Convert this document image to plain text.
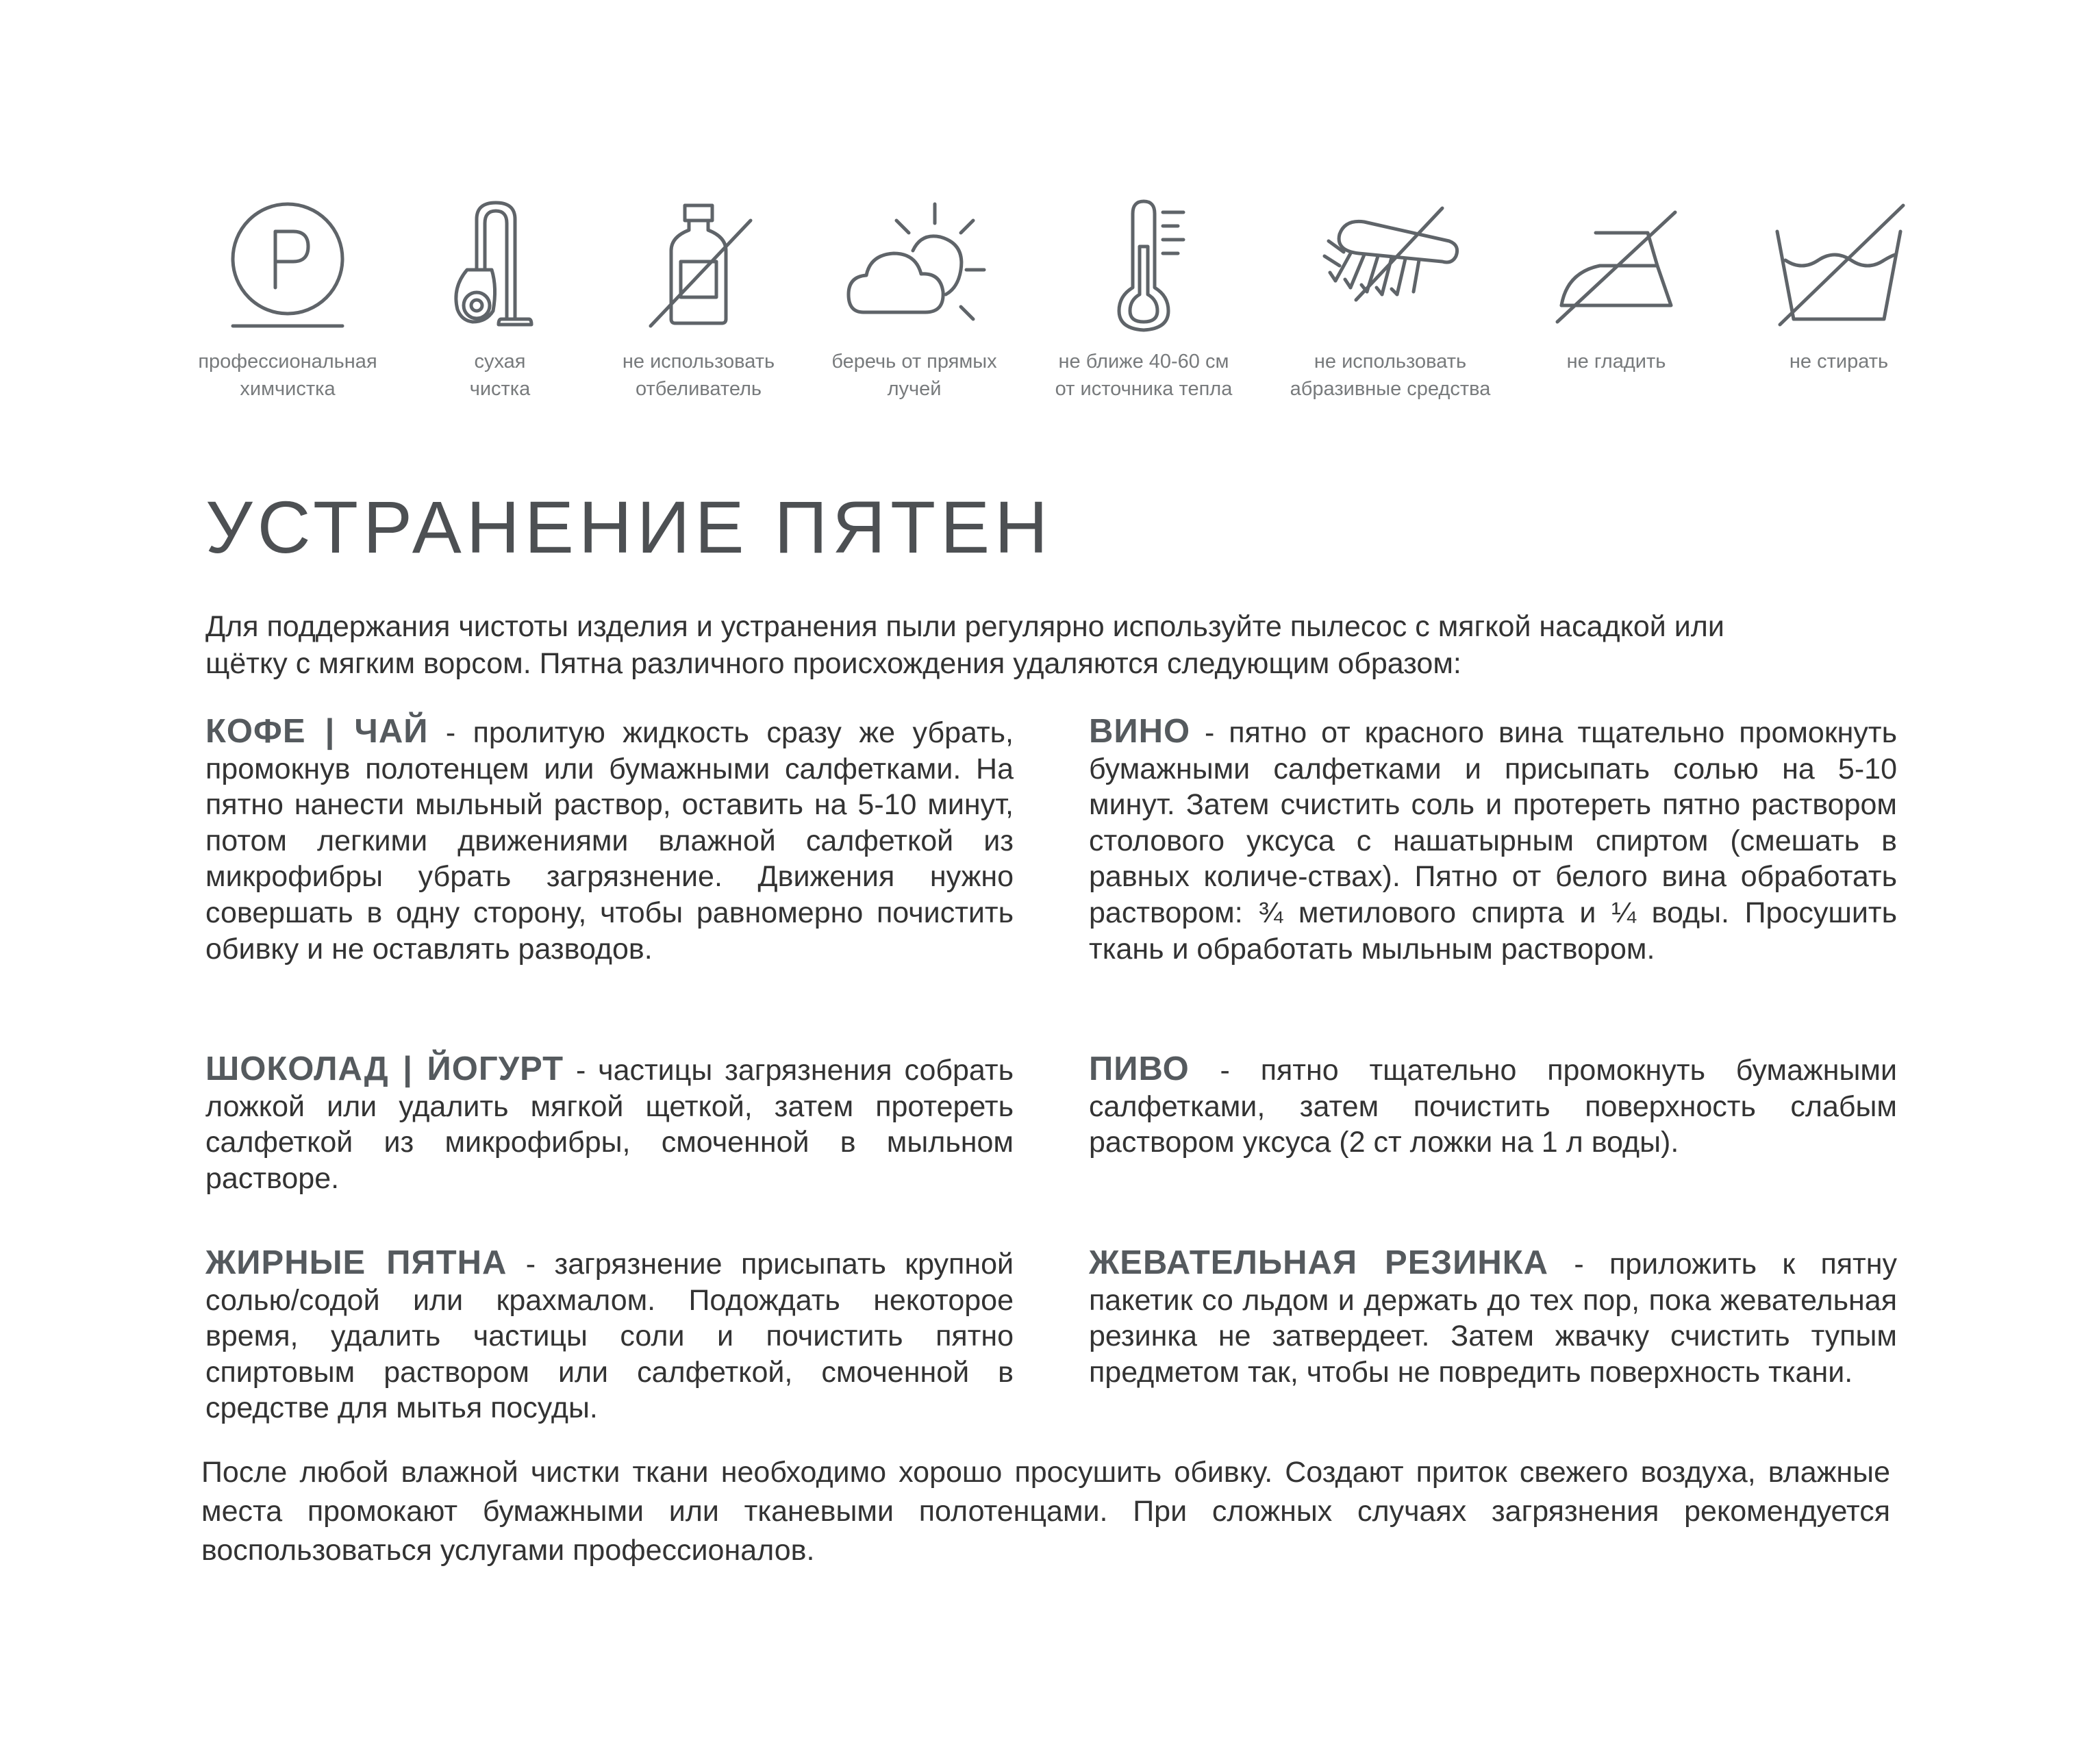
профессиональная
химчистка
сухая
чистка
не использовать
отбеливатель
беречь от прямых
лучей
не ближе 40-60 см
от источника тепла
не использовать
абразивные средства
не гладить	не стирать
УСТРАНЕНИЕ ПЯТЕН

Для поддержания чистоты изделия и устранения пыли регулярно используйте пылесос с мягкой насадкой или
щётку с мягким ворсом. Пятна различного происхождения удаляются следующим образом:

КОФЕ | ЧАЙ - пролитую жидкость сразу же убрать, промокнув полотенцем или бумажными салфетками. На пятно нанести мыльный раствор, оставить на 5-10 минут, потом легкими движениями влажной салфеткой из микрофибры убрать загрязнение. Движения нужно совершать в одну сторону, чтобы равномерно почистить обивку и не оставлять разводов.

ВИНО - пятно от красного вина тщательно промокнуть бумажными салфетками и присыпать солью на 5-10 минут. Затем счистить соль и протереть пятно раствором столового уксуса с нашатырным спиртом (смешать в равных количе-ствах). Пятно от белого вина обработать раствором: ¾ метилового спирта и ¼ воды. Просушить ткань и обработать мыльным раствором.

ШОКОЛАД | ЙОГУРТ - частицы загрязнения собрать ложкой или удалить мягкой щеткой, затем протереть салфеткой из микрофибры, смоченной в мыльном растворе.

ПИВО - пятно тщательно промокнуть бумажными салфетками, затем почистить поверхность слабым раствором уксуса (2 ст ложки на 1 л воды).

ЖИРНЫЕ ПЯТНА - загрязнение присыпать крупной солью/содой или крахмалом. Подождать некоторое время, удалить частицы соли и почистить пятно спиртовым раствором или салфеткой, смоченной в средстве для мытья посуды.

ЖЕВАТЕЛЬНАЯ РЕЗИНКА - приложить к пятну пакетик со льдом и держать до тех пор, пока жевательная резинка не затвердеет. Затем жвачку счистить тупым предметом так, чтобы не повредить поверхность ткани.

После любой влажной чистки ткани необходимо хорошо просушить обивку. Создают приток свежего воздуха, влажные места промокают бумажными или тканевыми полотенцами. При сложных случаях загрязнения рекомендуется воспользоваться услугами профессионалов.
